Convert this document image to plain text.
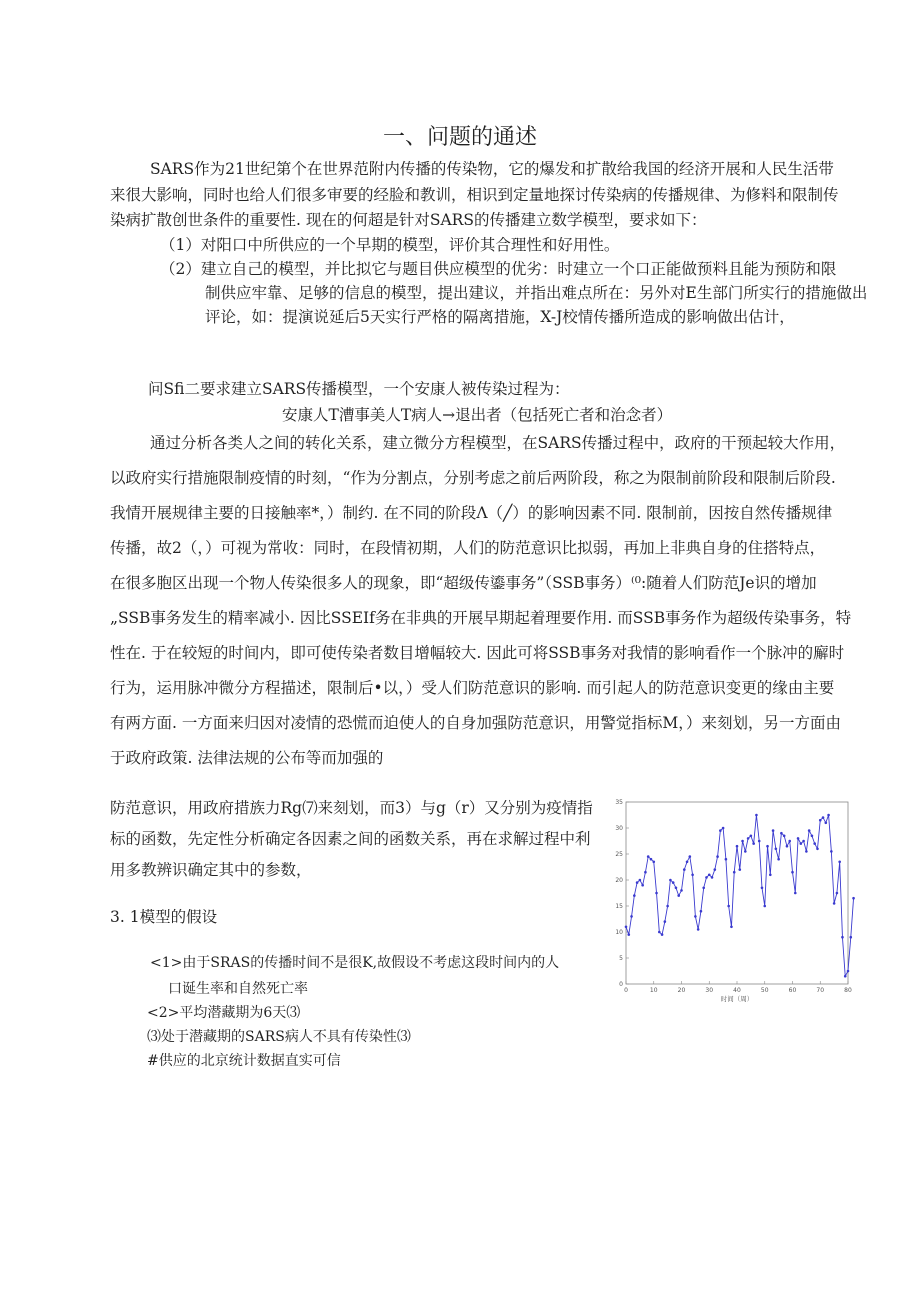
一、问题的通述
SARS作为21世纪第个在世界范附内传播的传染物，它的爆发和扩散给我国的经济开展和人民生活带
来很大影响，同时也给人们很多审要的经脸和教训，相识到定量地探讨传染病的传播规律、为修料和限制传
染病扩散创世条件的重要性. 现在的何超是针对SARS的传播建立数学模型，要求如下：
（1）对阳口中所供应的一个早期的模型，评价其合理性和好用性。
（2）建立自己的模型，并比拟它与题目供应模型的优劣：时建立一个口正能做预料且能为预防和限
制供应牢靠、足够的信息的模型，提出建议，并指出难点所在：另外对E生部门所实行的措施做出
评论，如：提演说延后5天实行严格的隔离措施，X-J校情传播所造成的影响做出估计，
问Sfi二要求建立SARS传播模型，一个安康人被传染过程为：
安康人T漕事美人T病人→退出者（包括死亡者和治念者）
通过分析各类人之间的转化关系，建立微分方程模型，在SARS传播过程中，政府的干预起较大作用，
以政府实行措施限制疫情的时刻，“作为分割点，分别考虑之前后两阶段，称之为限制前阶段和限制后阶段.
我情开展规律主要的日接触率*，）制约. 在不同的阶段Λ（╱）的影响因素不同. 限制前，因按自然传播规律
传播，故2（，）可视为常收：同时，在段情初期，人们的防范意识比拟弱，再加上非典自身的住搭特点，
在很多胞区出现一个物人传染很多人的现象，即“超级传鎏事务”（SSB事务）⁽⁰:随着人们防范Je识的增加
„SSB事务发生的精率减小. 因比SSEIf务在非典的开展早期起着理要作用. 而SSB事务作为超级传染事务，特
性在. 于在较短的时间内，即可使传染者数目增幅较大. 因此可将SSB事务对我情的影响看作一个脉冲的廨时
行为，运用脉冲微分方程描述，限制后•以，）受人们防范意识的影响. 而引起人的防范意识变更的缘由主要
有两方面. 一方面来归因对凌情的恐慌而迫使人的自身加强防范意识，用警觉指标M，）来刻划，另一方面由
于政府政策. 法律法规的公布等而加强的
防范意识，用政府措族力Rg⑺来刻划，而3）与g（r）又分别为疫情指
标的函数，先定性分析确定各因素之间的函数关系，再在求解过程中利
用多教辨识确定其中的参数，
3. 1模型的假设
<1>由于SRAS的传播时间不是很K,故假设不考虑这段时间内的人
口诞生率和自然死亡率
<2>平均潜藏期为6天⑶
⑶处于潜藏期的SARS病人不具有传染性⑶
#供应的北京统计数据直实可信
0	10	20	30	40	50	60	70	80
0
5
10
15
20
25
30
35
时间（周）
